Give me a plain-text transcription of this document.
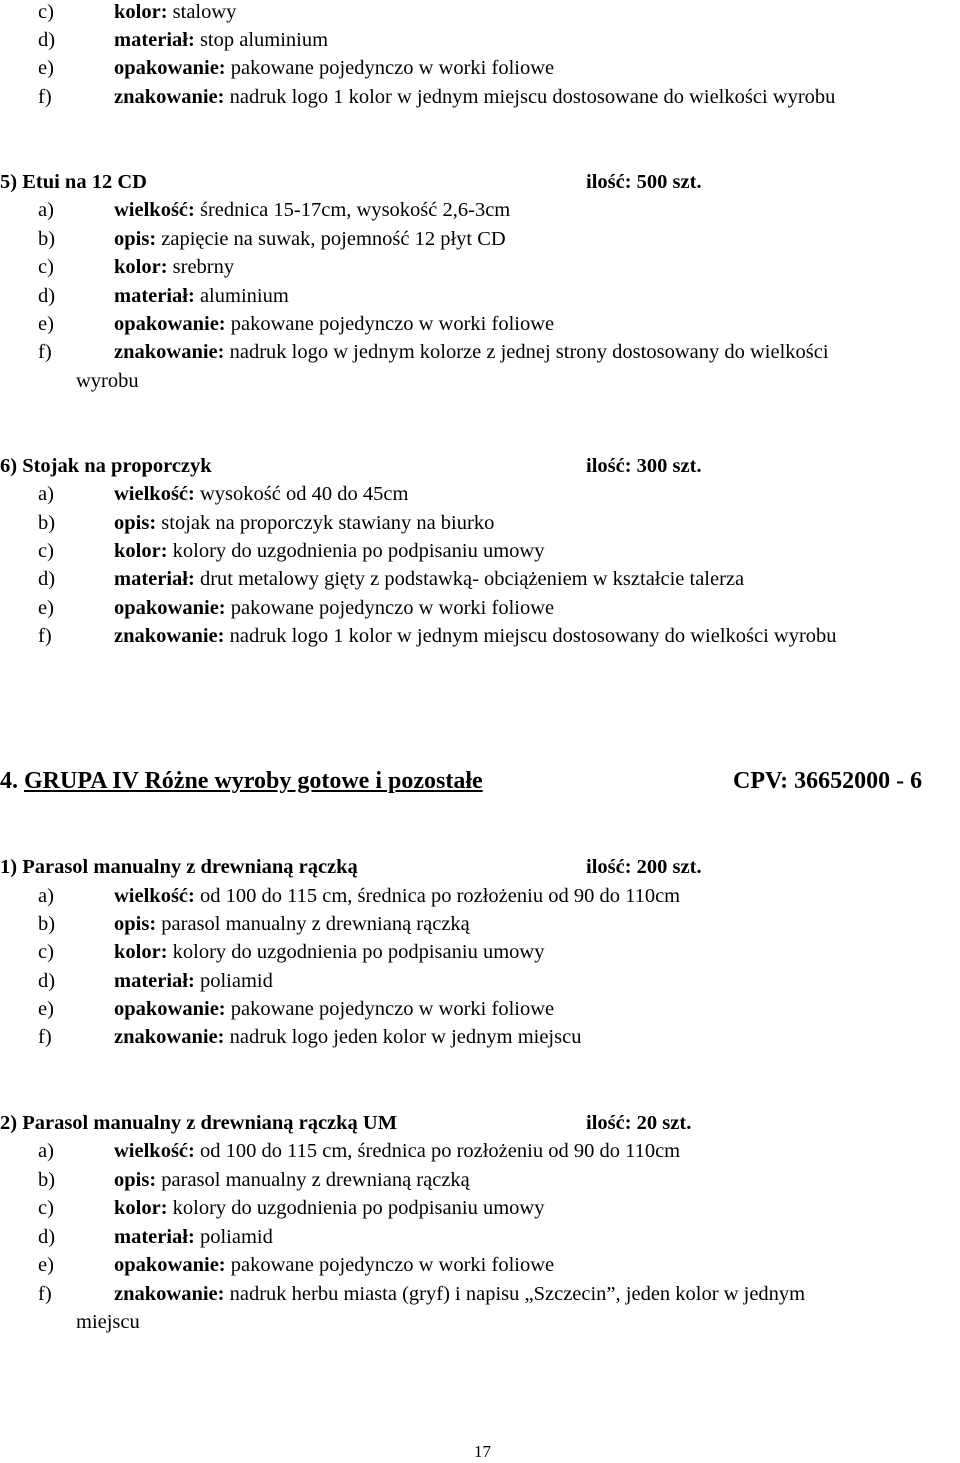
c)	kolor: stalowy
d)	materiał: stop aluminium
e)	opakowanie: pakowane pojedynczo w worki foliowe
f)	znakowanie: nadruk logo 1 kolor w jednym miejscu dostosowane do wielkości wyrobu
5) Etui na 12 CD	ilość: 500 szt.
a)	wielkość: średnica 15-17cm, wysokość 2,6-3cm
b)	opis: zapięcie na suwak, pojemność 12 płyt CD
c)	kolor: srebrny
d)	materiał: aluminium
e)	opakowanie: pakowane pojedynczo w worki foliowe
f)	znakowanie: nadruk logo w jednym kolorze z jednej strony dostosowany do wielkości
wyrobu
6) Stojak na proporczyk	ilość: 300 szt.
a)	wielkość: wysokość od 40 do 45cm
b)	opis: stojak na proporczyk stawiany na biurko
c)	kolor: kolory do uzgodnienia po podpisaniu umowy
d)	materiał: drut metalowy gięty z podstawką- obciążeniem w kształcie talerza
e)	opakowanie: pakowane pojedynczo w worki foliowe
f)	znakowanie: nadruk logo 1 kolor w jednym miejscu dostosowany do wielkości wyrobu
4. GRUPA IV Różne wyroby gotowe i pozostałe	CPV: 36652000 - 6
1) Parasol manualny z drewnianą rączką	ilość: 200 szt.
a)	wielkość: od 100 do 115 cm, średnica po rozłożeniu od 90 do 110cm
b)	opis: parasol manualny z drewnianą rączką
c)	kolor: kolory do uzgodnienia po podpisaniu umowy
d)	materiał: poliamid
e)	opakowanie: pakowane pojedynczo w worki foliowe
f)	znakowanie: nadruk logo jeden kolor w jednym miejscu
2) Parasol manualny z drewnianą rączką UM	ilość: 20 szt.
a)	wielkość: od 100 do 115 cm, średnica po rozłożeniu od 90 do 110cm
b)	opis: parasol manualny z drewnianą rączką
c)	kolor: kolory do uzgodnienia po podpisaniu umowy
d)	materiał: poliamid
e)	opakowanie: pakowane pojedynczo w worki foliowe
f)	znakowanie: nadruk herbu miasta (gryf) i napisu „Szczecin”, jeden kolor w jednym
miejscu
17
